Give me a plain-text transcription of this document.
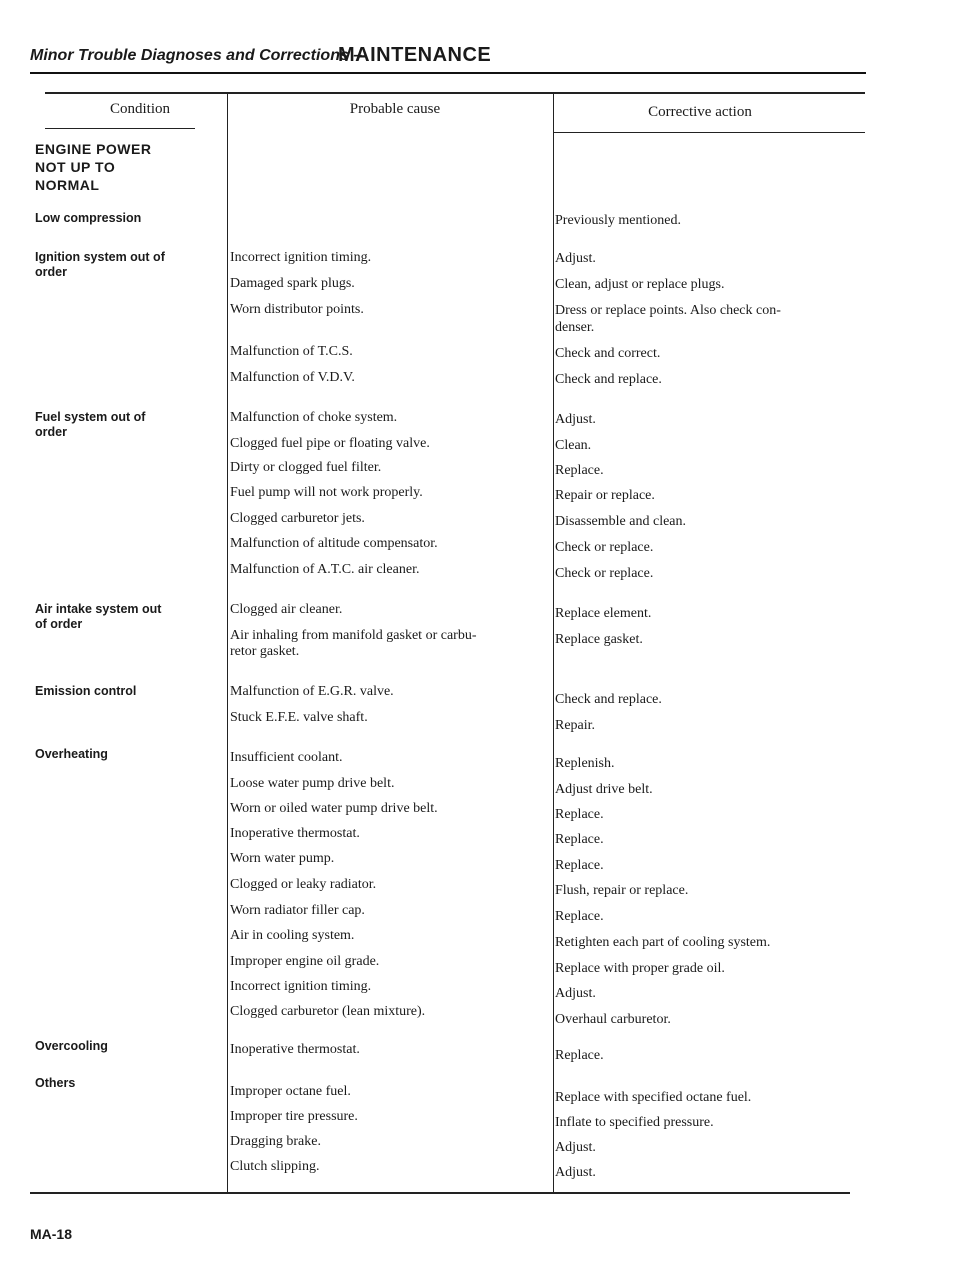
Minor Trouble Diagnoses and Corrections –
MAINTENANCE
Condition	Probable cause	Corrective action
ENGINE POWER
NOT UP TO
NORMAL
Low compression
Ignition system out of
order
Fuel system out of
order
Air intake system out
of order
Emission control
Overheating
Overcooling
Others
Incorrect ignition timing.
Damaged spark plugs.
Worn distributor points.
Malfunction of T.C.S.
Malfunction of V.D.V.
Malfunction of choke system.
Clogged fuel pipe or floating valve.
Dirty or clogged fuel filter.
Fuel pump will not work properly.
Clogged carburetor jets.
Malfunction of altitude compensator.
Malfunction of A.T.C. air cleaner.
Clogged air cleaner.
Air inhaling from manifold gasket or carbu-
retor gasket.
Malfunction of E.G.R. valve.
Stuck E.F.E. valve shaft.
Insufficient coolant.
Loose water pump drive belt.
Worn or oiled water pump drive belt.
Inoperative thermostat.
Worn water pump.
Clogged or leaky radiator.
Worn radiator filler cap.
Air in cooling system.
Improper engine oil grade.
Incorrect ignition timing.
Clogged carburetor (lean mixture).
Inoperative thermostat.
Improper octane fuel.
Improper tire pressure.
Dragging brake.
Clutch slipping.
Previously mentioned.
Adjust.
Clean, adjust or replace plugs.
Dress or replace points. Also check con-
denser.
Check and correct.
Check and replace.
Adjust.
Clean.
Replace.
Repair or replace.
Disassemble and clean.
Check or replace.
Check or replace.
Replace element.
Replace gasket.
Check and replace.
Repair.
Replenish.
Adjust drive belt.
Replace.
Replace.
Replace.
Flush, repair or replace.
Replace.
Retighten each part of cooling system.
Replace with proper grade oil.
Adjust.
Overhaul carburetor.
Replace.
Replace with specified octane fuel.
Inflate to specified pressure.
Adjust.
Adjust.
MA-18
